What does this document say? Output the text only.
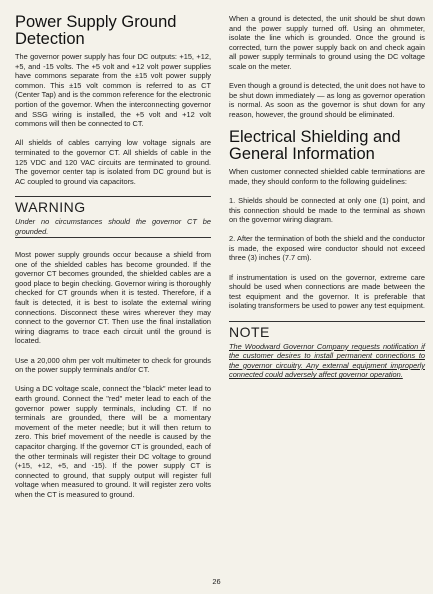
Power Supply Ground Detection

The governor power supply has four DC outputs: +15, +12, +5, and -15 volts. The +5 volt and +12 volt power supplies have commons separate from the ±15 volt power supply common. This ±15 volt common is referred to as CT (Center Tap) and is the common reference for the electronic portion of the governor. When the interconnecting governor and SSG wiring is installed, the +5 volt and +12 volt commons will then be connected to CT.

All shields of cables carrying low voltage signals are terminated to the governor CT. All shields of cable in the 125 VDC and 120 VAC circuits are terminated to ground. The governor center tap is isolated from DC ground but is AC coupled to ground via capacitors.

WARNING

Under no circumstances should the governor CT be grounded.

Most power supply grounds occur because a shield from one of the shielded cables has become grounded. If the governor CT becomes grounded, the shielded cables are a good place to begin checking. Governor wiring is thoroughly checked for CT grounds when it is tested. Therefore, if a fault is detected, it is best to isolate the external wiring connections. Disconnect these wires wherever they may connect to the governor CT. Then use the final installation wiring diagrams to trace each circuit until the ground is located.

Use a 20,000 ohm per volt multimeter to check for grounds on the power supply terminals and/or CT.

Using a DC voltage scale, connect the "black" meter lead to earth ground. Connect the "red" meter lead to each of the governor power supply terminals, including CT. If no terminals are grounded, there will be a momentary movement of the meter needle; but it will then return to zero. This brief movement of the needle is caused by the capacitor charging. If the governor CT is grounded, each of the other terminals will register their DC voltage to ground (+15, +12, +5, and -15). If the power supply CT is connected to ground, that supply output will register full voltage when measured to ground. It will register zero volts when the CT is measured to ground.

When a ground is detected, the unit should be shut down and the power supply turned off. Using an ohmmeter, isolate the line which is grounded. Once the ground is corrected, turn the power supply back on and check again all power supply terminals to ground using the DC voltage scale on the meter.

Even though a ground is detected, the unit does not have to be shut down immediately — as long as governor operation is normal. As soon as the governor is shut down for any reason, however, the ground should be eliminated.

Electrical Shielding and General Information

When customer connected shielded cable terminations are made, they should conform to the following guidelines:

1. Shields should be connected at only one (1) point, and this connection should be made to the terminal as shown on the governor wiring diagram.

2. After the termination of both the shield and the conductor is made, the exposed wire conductor should not exceed three (3) inches (7.7 cm).

If instrumentation is used on the governor, extreme care should be used when connections are made between the test equipment and the governor. It is preferable that isolating transformers be used to power any test equipment.

NOTE

The Woodward Governor Company requests notification if the customer desires to install permanent connections to the governor circuitry. Any external equipment improperly connected could adversely affect governor operation.

26
